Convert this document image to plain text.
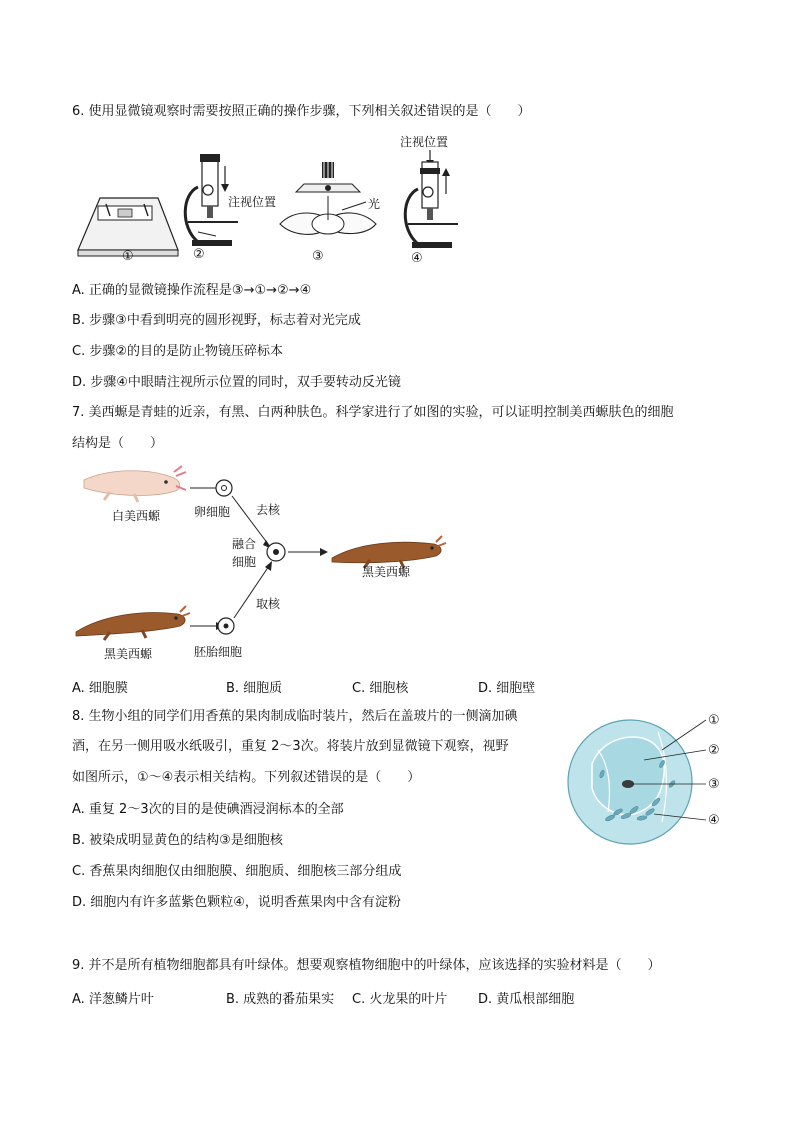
6. 使用显微镜观察时需要按照正确的操作步骤，下列相关叙述错误的是（　　）
注视位置	光
注视位置
①	②	③	④
A. 正确的显微镜操作流程是③→①→②→④
B. 步骤③中看到明亮的圆形视野，标志着对光完成
C. 步骤②的目的是防止物镜压碎标本
D. 步骤④中眼睛注视所示位置的同时，双手要转动反光镜
7. 美西螈是青蛙的近亲，有黑、白两种肤色。科学家进行了如图的实验，可以证明控制美西螈肤色的细胞
结构是（　　）
白美西螈	卵细胞 去核
融合
细胞
黑美西螈
黑美西螈	胚胎细胞
取核
A. 细胞膜	B. 细胞质	C. 细胞核	D. 细胞壁
8. 生物小组的同学们用香蕉的果肉制成临时装片，然后在盖玻片的一侧滴加碘
酒，在另一侧用吸水纸吸引，重复 2～3次。将装片放到显微镜下观察，视野
如图所示，①～④表示相关结构。下列叙述错误的是（　　）
①
②
③
④
A. 重复 2～3次的目的是使碘酒浸润标本的全部
B. 被染成明显黄色的结构③是细胞核
C. 香蕉果肉细胞仅由细胞膜、细胞质、细胞核三部分组成
D. 细胞内有许多蓝紫色颗粒④，说明香蕉果肉中含有淀粉
9. 并不是所有植物细胞都具有叶绿体。想要观察植物细胞中的叶绿体，应该选择的实验材料是（　　）
A. 洋葱鳞片叶	B. 成熟的番茄果实 C. 火龙果的叶片 D. 黄瓜根部细胞
